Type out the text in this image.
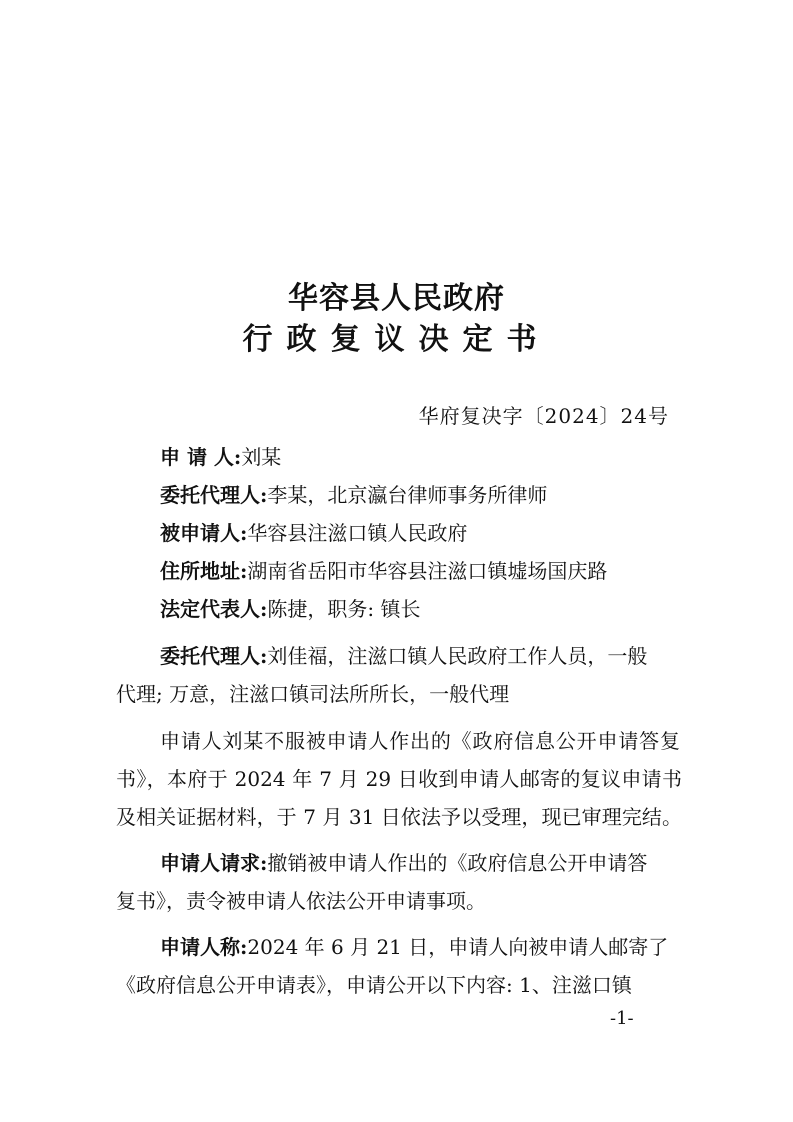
华容县人民政府
行政复议决定书
华府复决字〔2024〕24号
申 请 人:刘某
委托代理人:李某，北京瀛台律师事务所律师
被申请人:华容县注滋口镇人民政府
住所地址:湖南省岳阳市华容县注滋口镇墟场国庆路
法定代表人:陈捷，职务: 镇长
委托代理人:刘佳福，注滋口镇人民政府工作人员，一般
代理; 万意，注滋口镇司法所所长，一般代理
申请人刘某不服被申请人作出的《政府信息公开申请答复
书》，本府于 2024 年 7 月 29 日收到申请人邮寄的复议申请书
及相关证据材料，于 7 月 31 日依法予以受理，现已审理完结。
申请人请求:撤销被申请人作出的《政府信息公开申请答
复书》，责令被申请人依法公开申请事项。
申请人称:2024 年 6 月 21 日，申请人向被申请人邮寄了
《政府信息公开申请表》，申请公开以下内容: 1、注滋口镇
-1-
